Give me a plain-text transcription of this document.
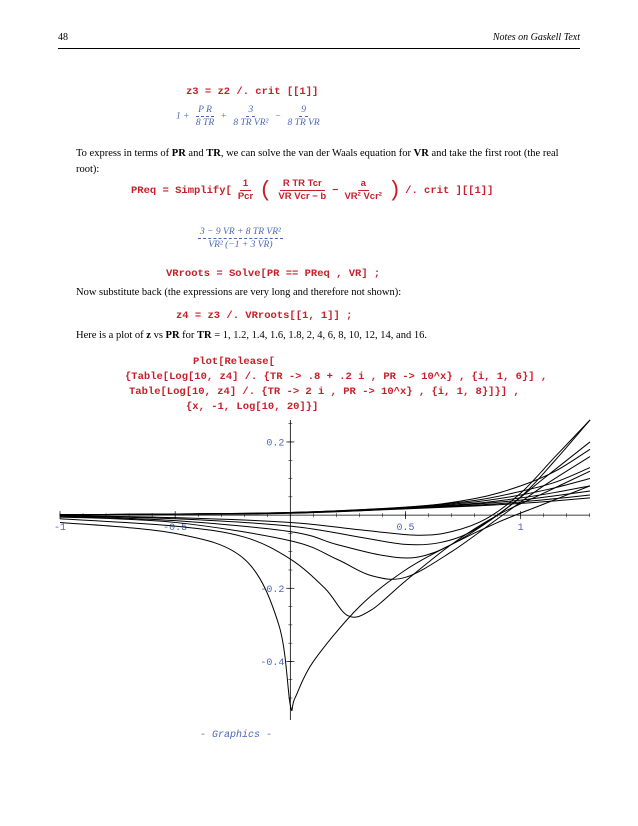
48	Notes on Gaskell Text
z3 = z2 /. crit [[1]]
$1 + \frac{\text{P R}}{8 TR} + \frac{3}{\text{8 TR VR²}} - \frac{9}{\text{8 TR VR}}$
To express in terms of PR and TR, we can solve the van der Waals equation for VR and take the first root (the real root):
PReq = Simplify[ $\frac{1}{\text{Pcr}}$ ( $\frac{\text{R TR Tcr}}{\text{VR Vcr − b}} - \frac{a}{\text{VR² Vcr²}}$ ) /. crit ][[1]]
$\frac{\text{3 − 9 VR + 8 TR VR²}}{\text{VR² (−1 + 3 VR)}}$
VRroots = Solve[PR == PReq , VR] ;
Now substitute back (the expressions are very long and therefore not shown):
z4 = z3 /. VRroots[[1, 1]] ;
Here is a plot of z vs PR for TR = 1, 1.2, 1.4, 1.6, 1.8, 2, 4, 6, 8, 10, 12, 14, and 16.
Plot[Release[
{Table[Log[10, z4] /. {TR -> .8 + .2 i , PR -> 10^x} , {i, 1, 6}] ,
Table[Log[10, z4] /. {TR -> 2 i , PR -> 10^x} , {i, 1, 8}]}] ,
{x, -1, Log[10, 20]}]
-1	-0.5	0.5	1
0.2
-0.2
-0.4
- Graphics -
